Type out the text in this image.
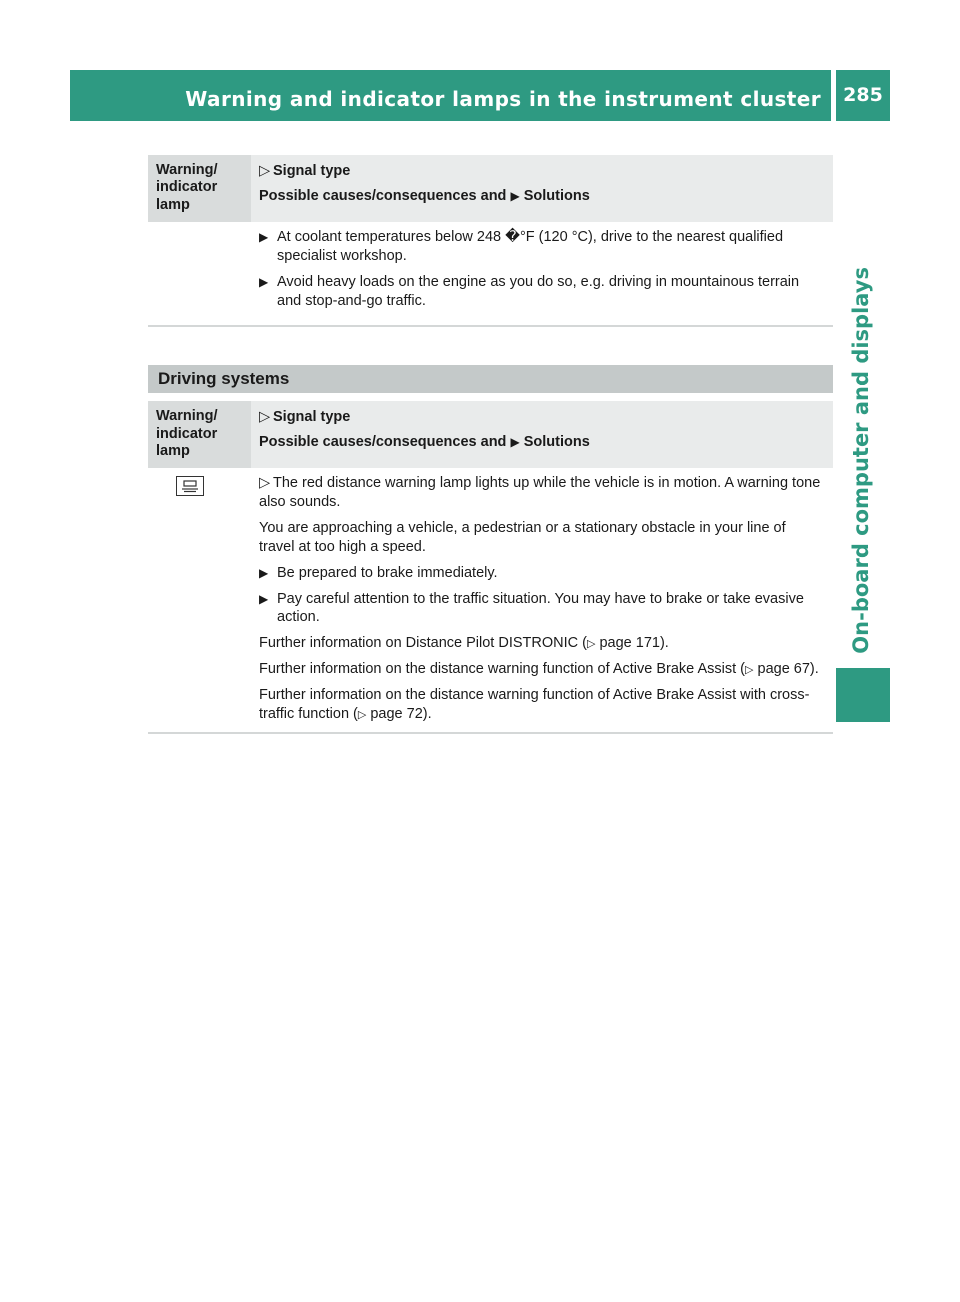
Warning and indicator lamps in the instrument cluster	285
On-board computer and displays
Warning/
indicator
lamp

▷ Signal type

Possible causes/consequences and ▶ Solutions

▶ At coolant temperatures below 248 �°F (120 °C), drive to the nearest qualified specialist workshop.
▶ Avoid heavy loads on the engine as you do so, e.g. driving in mountainous terrain and stop-and-go traffic.
Driving systems
Warning/
indicator
lamp

▷ Signal type

Possible causes/consequences and ▶ Solutions

▷ The red distance warning lamp lights up while the vehicle is in motion. A warning tone also sounds.

You are approaching a vehicle, a pedestrian or a stationary obstacle in your line of travel at too high a speed.

▶ Be prepared to brake immediately.
▶ Pay careful attention to the traffic situation. You may have to brake or take evasive action.

Further information on Distance Pilot DISTRONIC (▷ page 171).

Further information on the distance warning function of Active Brake Assist (▷ page 67).

Further information on the distance warning function of Active Brake Assist with cross-traffic function (▷ page 72).
